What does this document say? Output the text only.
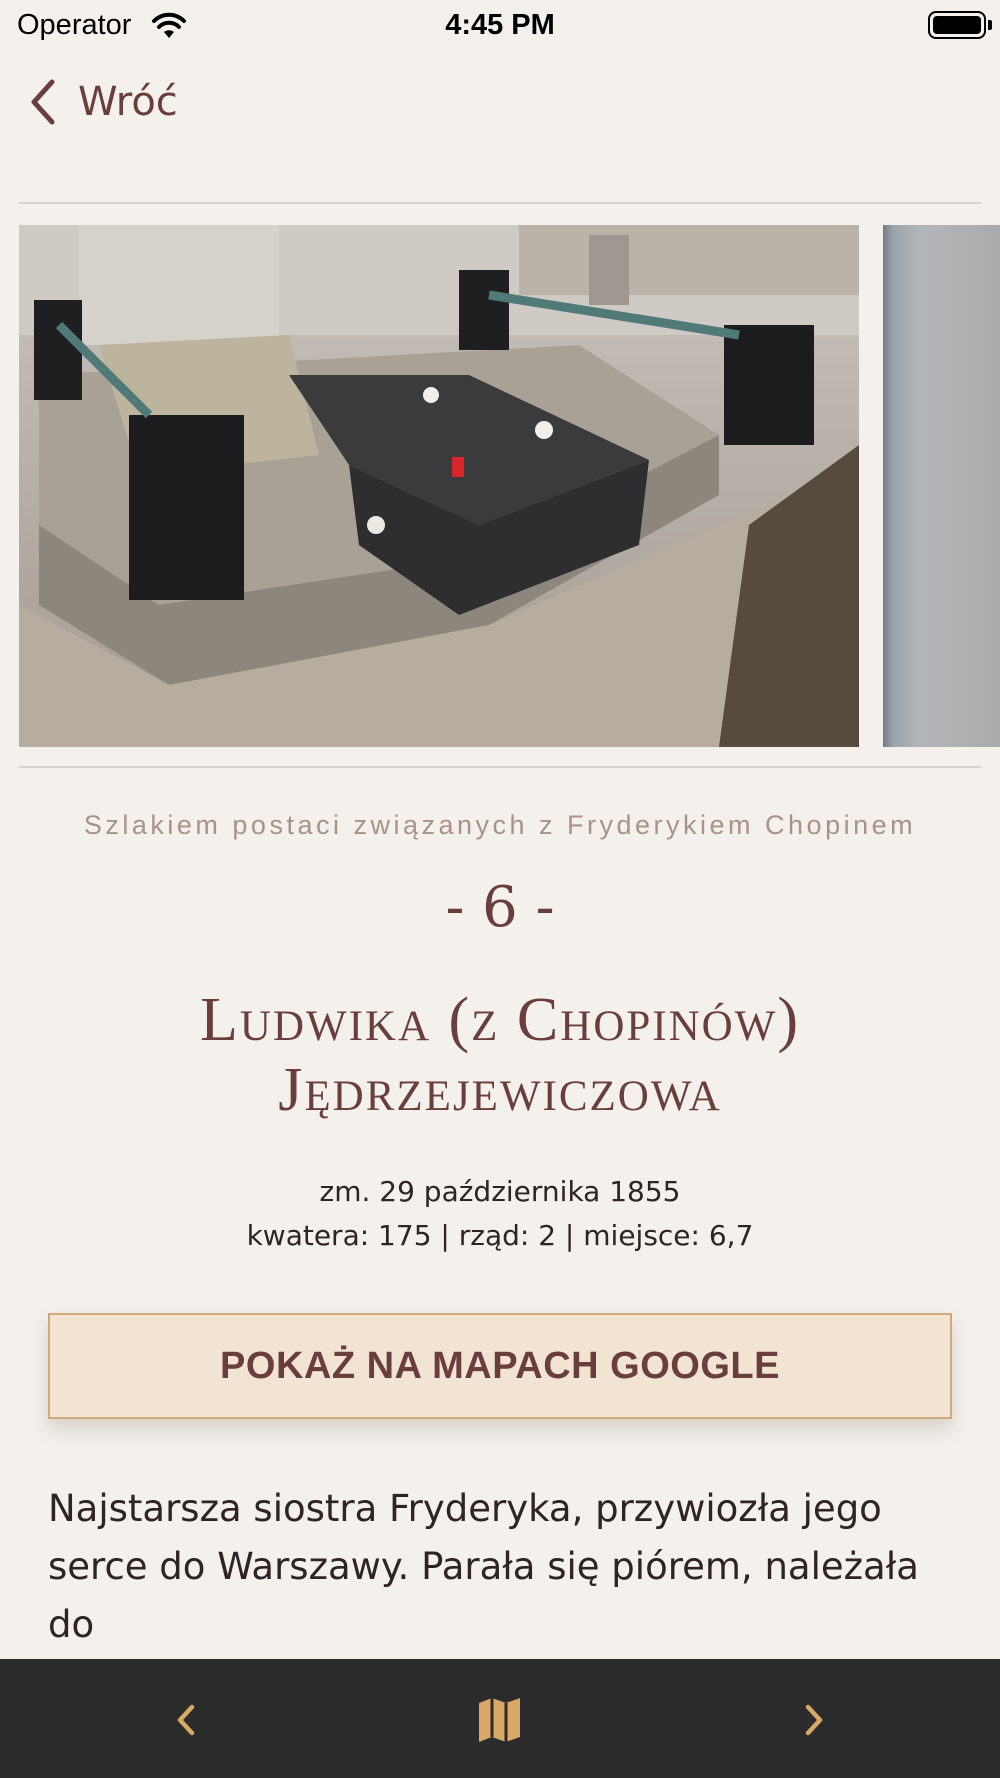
Operator	4:45 PM
Wróć
Szlakiem postaci związanych z Fryderykiem Chopinem
- 6 -
Ludwika (z Chopinów)
Jędrzejewiczowa
zm. 29 października 1855
kwatera: 175 | rząd: 2 | miejsce: 6,7
POKAŻ NA MAPACH GOOGLE
Najstarsza siostra Fryderyka, przywiozła jego
serce do Warszawy. Parała się piórem, należała do
